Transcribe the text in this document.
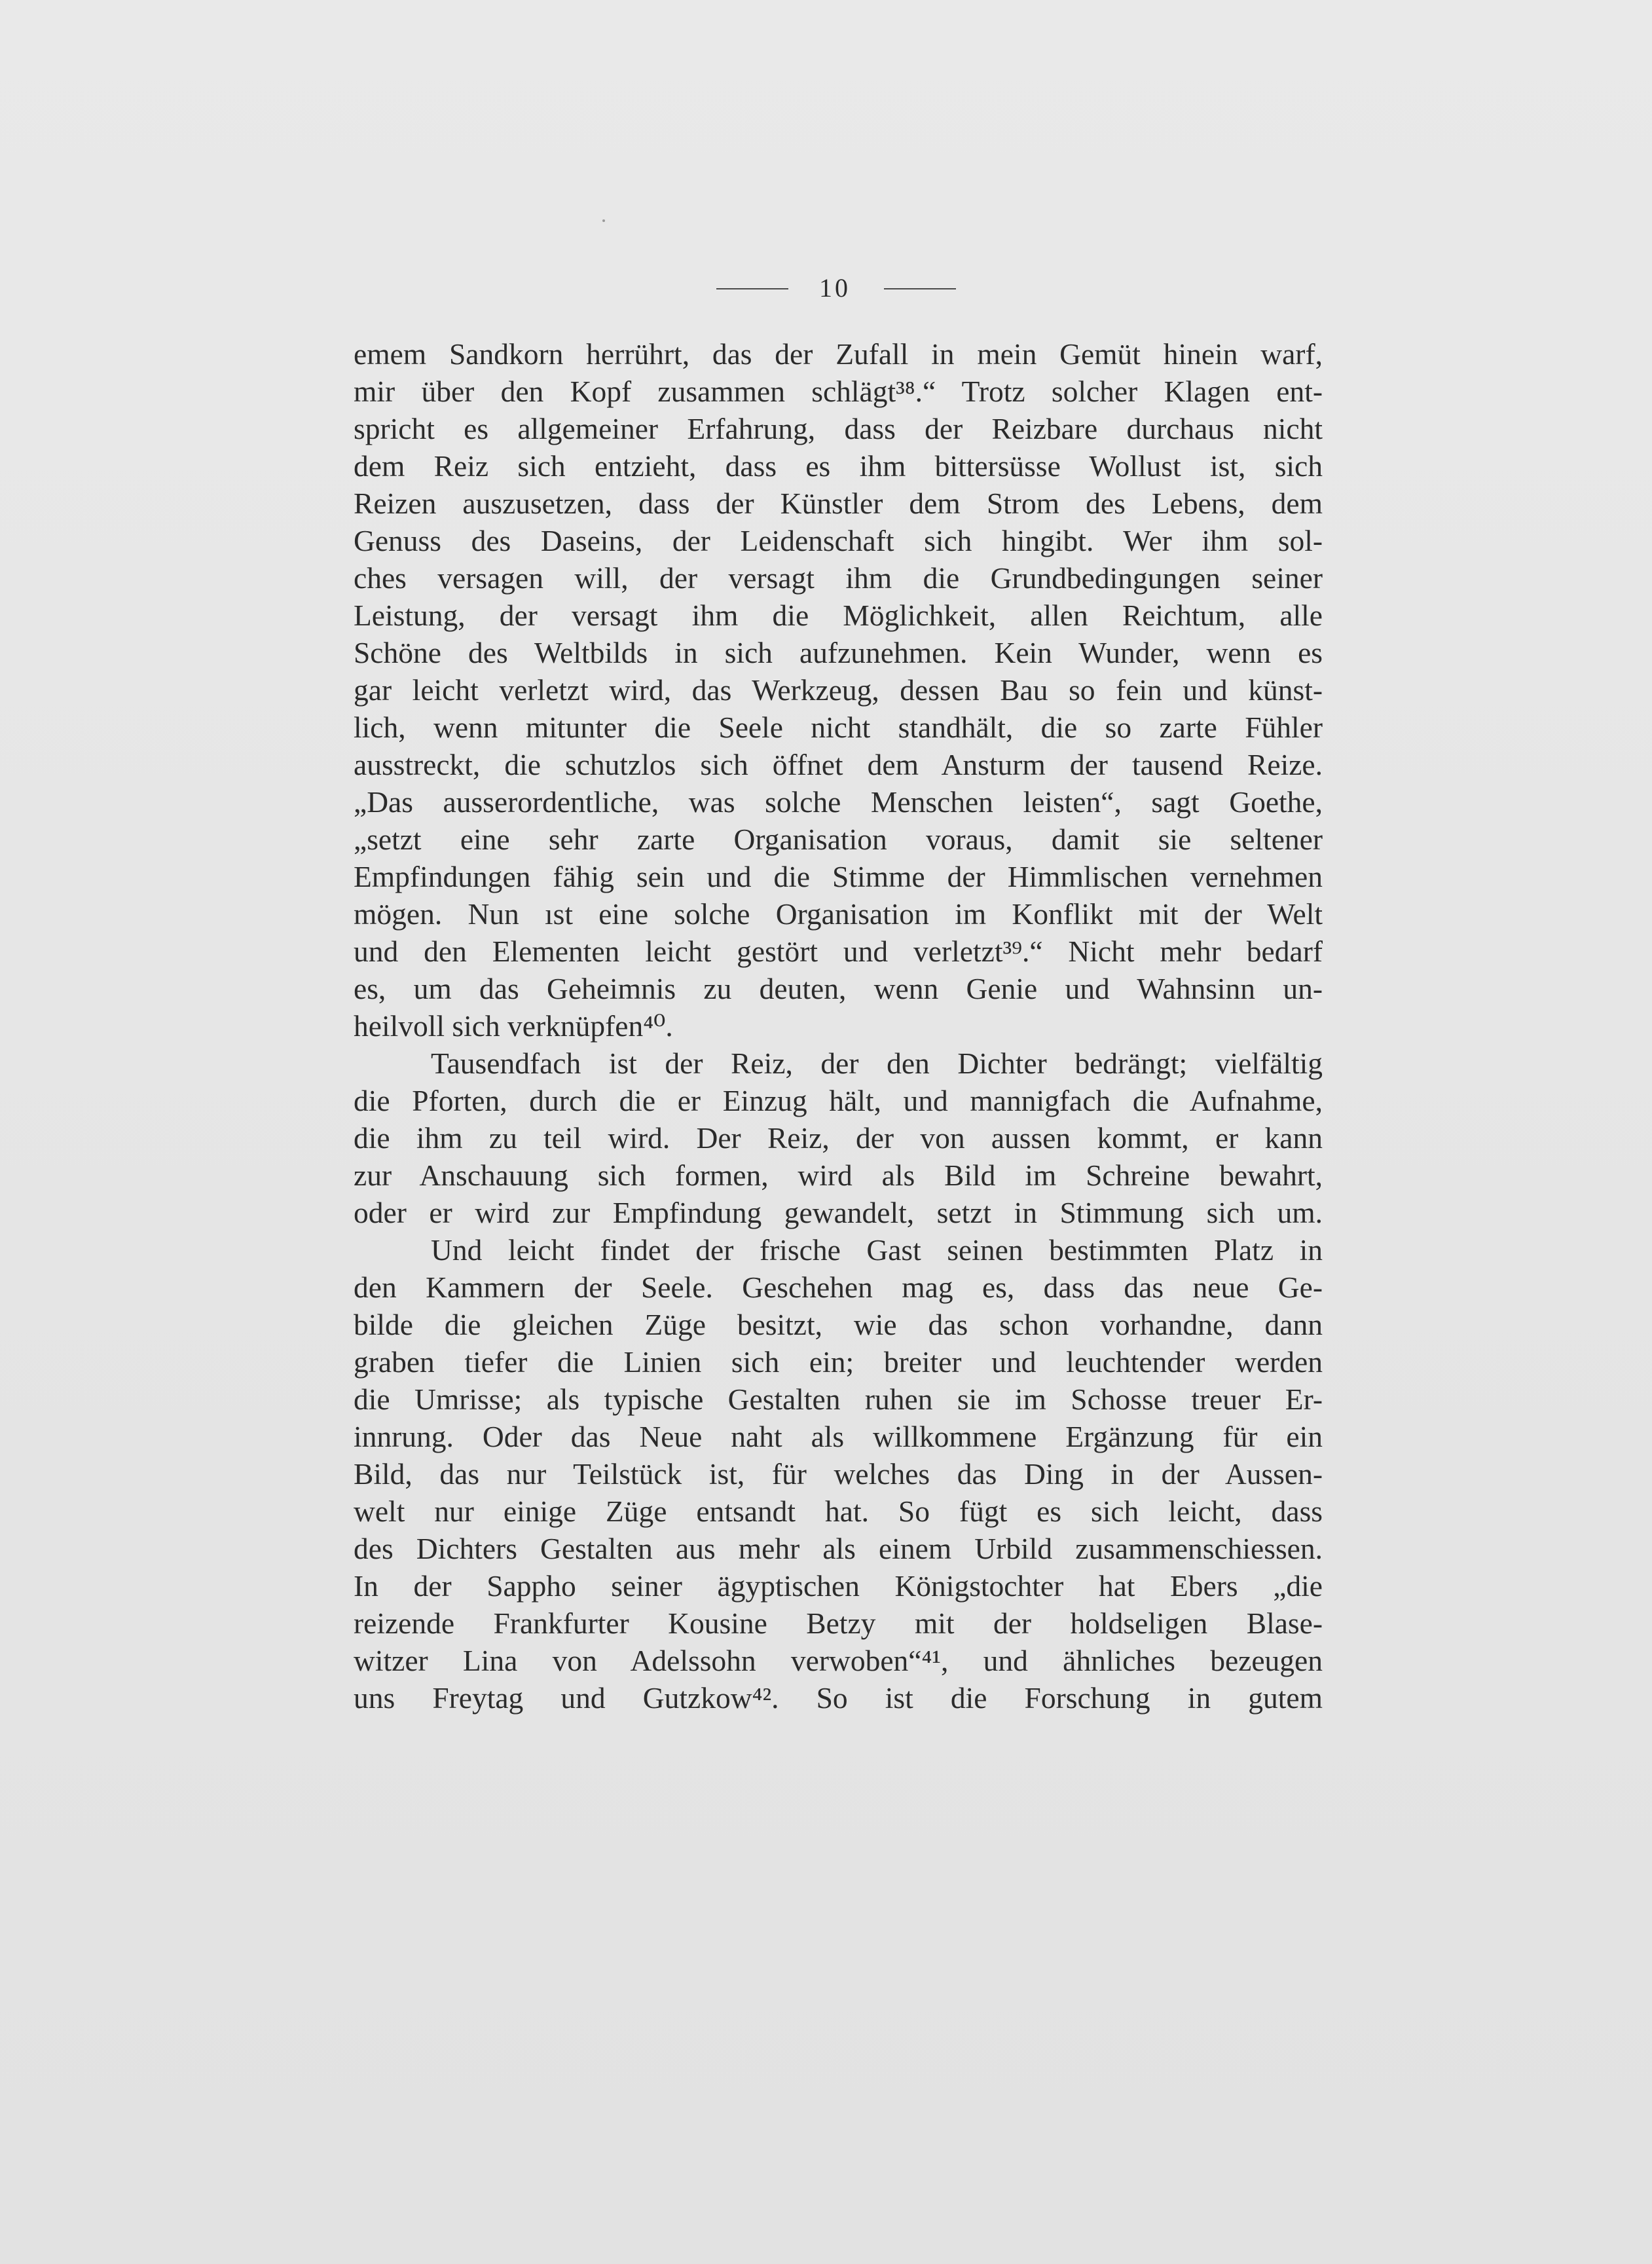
10
emem Sandkorn herrührt, das der Zufall in mein Gemüt hinein warf,
mir über den Kopf zusammen schlägt³⁸.“ Trotz solcher Klagen ent-
spricht es allgemeiner Erfahrung, dass der Reizbare durchaus nicht
dem Reiz sich entzieht, dass es ihm bittersüsse Wollust ist, sich
Reizen auszusetzen, dass der Künstler dem Strom des Lebens, dem
Genuss des Daseins, der Leidenschaft sich hingibt. Wer ihm sol-
ches versagen will, der versagt ihm die Grundbedingungen seiner
Leistung, der versagt ihm die Möglichkeit, allen Reichtum, alle
Schöne des Weltbilds in sich aufzunehmen. Kein Wunder, wenn es
gar leicht verletzt wird, das Werkzeug, dessen Bau so fein und künst-
lich, wenn mitunter die Seele nicht standhält, die so zarte Fühler
ausstreckt, die schutzlos sich öffnet dem Ansturm der tausend Reize.
„Das ausserordentliche, was solche Menschen leisten“, sagt Goethe,
„setzt eine sehr zarte Organisation voraus, damit sie seltener
Empfindungen fähig sein und die Stimme der Himmlischen vernehmen
mögen. Nun ıst eine solche Organisation im Konflikt mit der Welt
und den Elementen leicht gestört und verletzt³⁹.“ Nicht mehr bedarf
es, um das Geheimnis zu deuten, wenn Genie und Wahnsinn un-
heilvoll sich verknüpfen⁴⁰.
Tausendfach ist der Reiz, der den Dichter bedrängt; vielfältig
die Pforten, durch die er Einzug hält, und mannigfach die Aufnahme,
die ihm zu teil wird. Der Reiz, der von aussen kommt, er kann
zur Anschauung sich formen, wird als Bild im Schreine bewahrt,
oder er wird zur Empfindung gewandelt, setzt in Stimmung sich um.
Und leicht findet der frische Gast seinen bestimmten Platz in
den Kammern der Seele. Geschehen mag es, dass das neue Ge-
bilde die gleichen Züge besitzt, wie das schon vorhandne, dann
graben tiefer die Linien sich ein; breiter und leuchtender werden
die Umrisse; als typische Gestalten ruhen sie im Schosse treuer Er-
innrung. Oder das Neue naht als willkommene Ergänzung für ein
Bild, das nur Teilstück ist, für welches das Ding in der Aussen-
welt nur einige Züge entsandt hat. So fügt es sich leicht, dass
des Dichters Gestalten aus mehr als einem Urbild zusammenschiessen.
In der Sappho seiner ägyptischen Königstochter hat Ebers „die
reizende Frankfurter Kousine Betzy mit der holdseligen Blase-
witzer Lina von Adelssohn verwoben“⁴¹, und ähnliches bezeugen
uns Freytag und Gutzkow⁴². So ist die Forschung in gutem
